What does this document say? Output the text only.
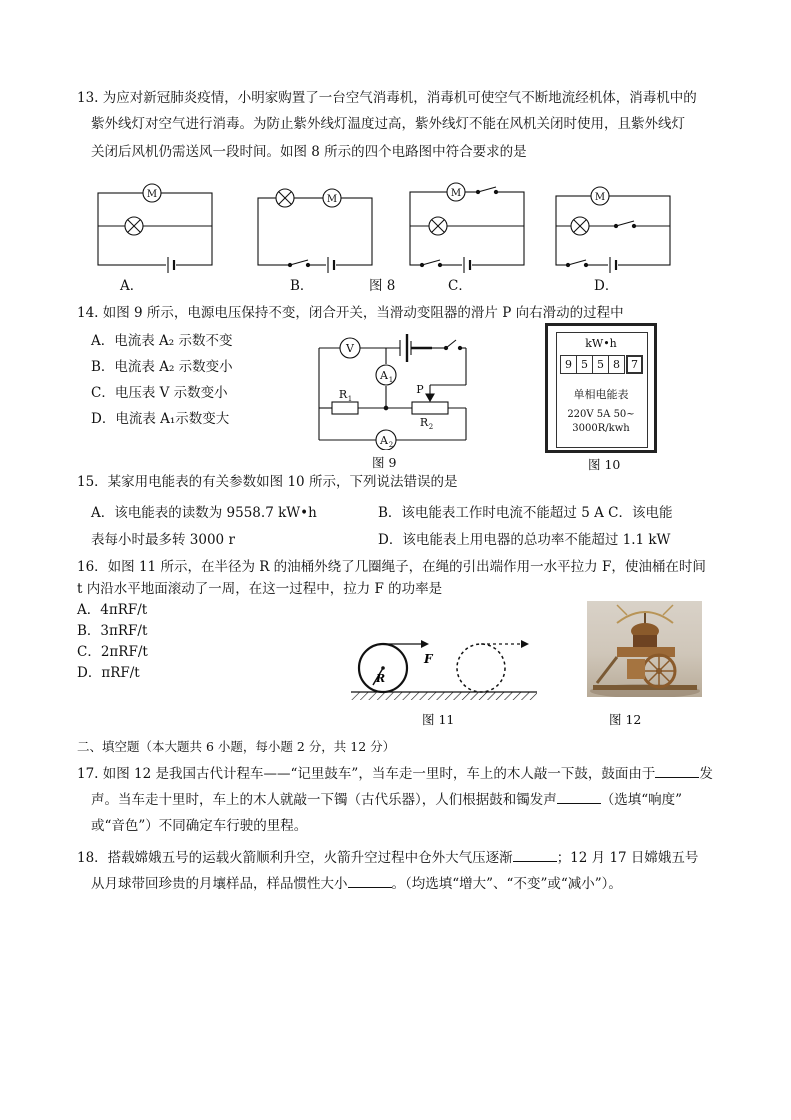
13. 为应对新冠肺炎疫情，小明家购置了一台空气消毒机，消毒机可使空气不断地流经机体，消毒机中的
紫外线灯对空气进行消毒。为防止紫外线灯温度过高，紫外线灯不能在风机关闭时使用，且紫外线灯
关闭后风机仍需送风一段时间。如图 8 所示的四个电路图中符合要求的是
M	M
M	M
A．	B．	图 8	C．	D．
14. 如图 9 所示，电源电压保持不变，闭合开关，当滑动变阻器的滑片 P 向右滑动的过程中
A．电流表 A₂ 示数不变
B．电流表 A₂ 示数变小
C．电压表 V 示数变小
D．电流表 A₁示数变大
V
A 1
A 2
R 1
R 2
P
图 9
kW•h
9 5 5 8	7
单相电能表
220V 5A 50~
3000R/kwh
图 10
15．某家用电能表的有关参数如图 10 所示，下列说法错误的是
A．该电能表的读数为 9558.7 kW•h	B．该电能表工作时电流不能超过 5 A C．该电能
表每小时最多转 3000 r	D．该电能表上用电器的总功率不能超过 1.1 kW
16．如图 11 所示，在半径为 R 的油桶外绕了几圈绳子，在绳的引出端作用一水平拉力 F，使油桶在时间
t 内沿水平地面滚动了一周，在这一过程中，拉力 F 的功率是
A．4πRF/t
B．3πRF/t
C．2πRF/t
D．πRF/t
F
R
图 11	图 12
二、填空题（本大题共 6 小题，每小题 2 分，共 12 分）
17. 如图 12 是我国古代计程车——“记里鼓车”，当车走一里时，车上的木人敲一下鼓，鼓面由于	发
声。当车走十里时，车上的木人就敲一下镯（古代乐器），人们根据鼓和镯发声	（选填“响度”
或“音色”）不同确定车行驶的里程。
18．搭载嫦娥五号的运载火箭顺利升空，火箭升空过程中仓外大气压逐渐	；12 月 17 日嫦娥五号
从月球带回珍贵的月壤样品，样品惯性大小	。（均选填“增大”、“不变”或“减小”）。
